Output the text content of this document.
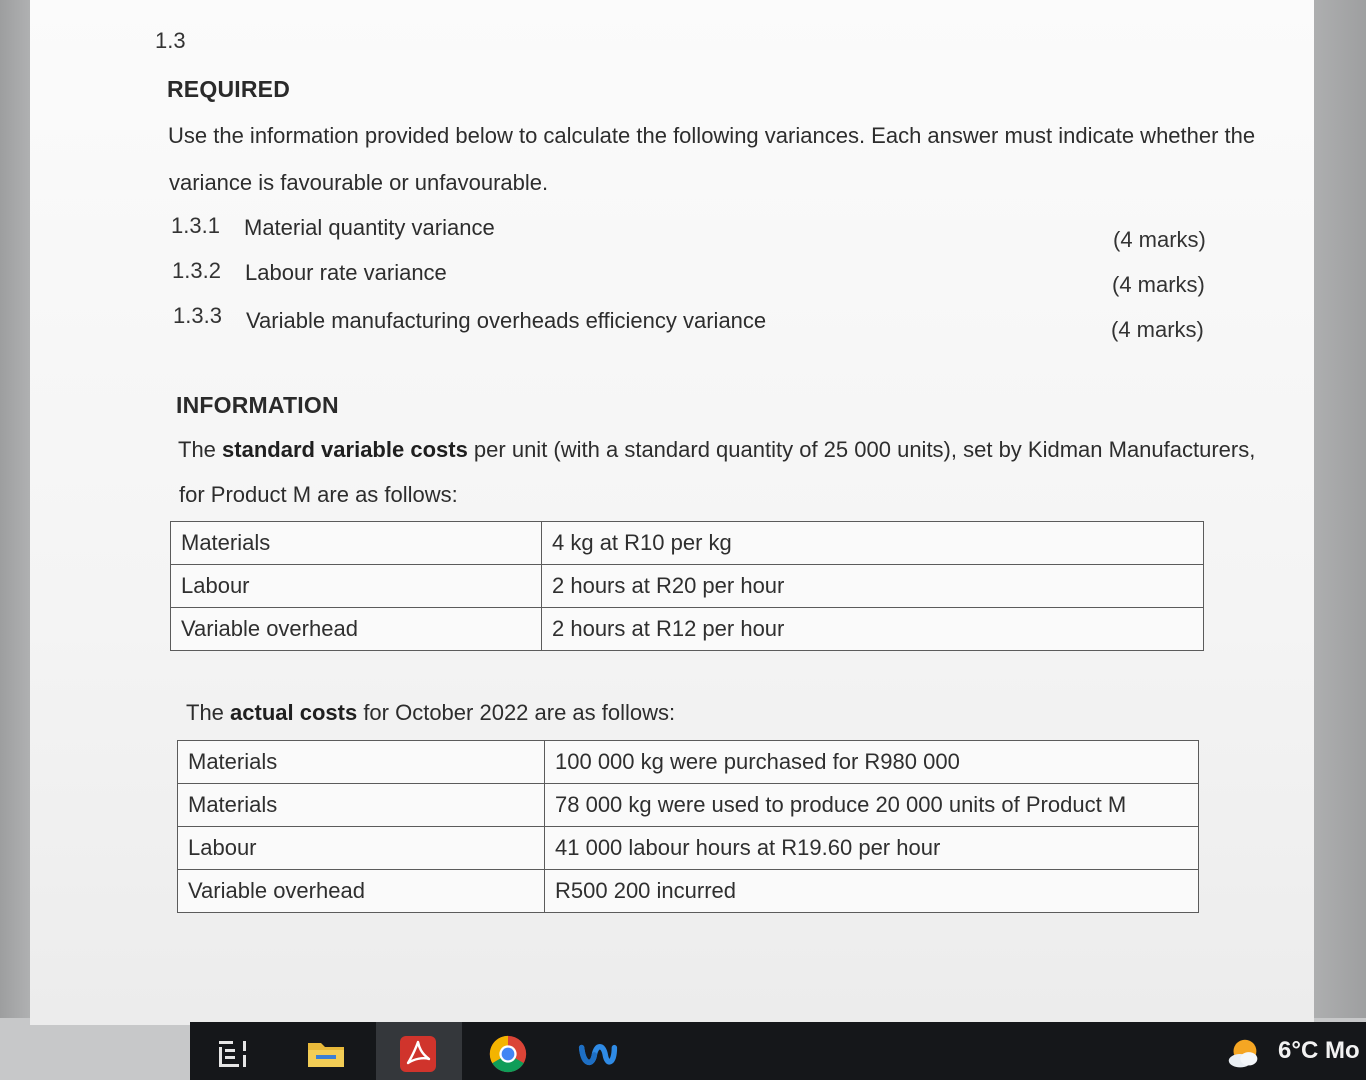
1.3
REQUIRED
Use the information provided below to calculate the following variances. Each answer must indicate whether the
variance is favourable or unfavourable.
1.3.1 Material quantity variance	(4 marks)
1.3.2 Labour rate variance	(4 marks)
1.3.3 Variable manufacturing overheads efficiency variance	(4 marks)
INFORMATION
The standard variable costs per unit (with a standard quantity of 25 000 units), set by Kidman Manufacturers,
for Product M are as follows:
Materials	4 kg at R10 per kg
Labour	2 hours at R20 per hour
Variable overhead	2 hours at R12 per hour
The actual costs for October 2022 are as follows:
Materials	100 000 kg were purchased for R980 000
Materials	78 000 kg were used to produce 20 000 units of Product M
Labour	41 000 labour hours at R19.60 per hour
Variable overhead	R500 200 incurred
6°C Mo
